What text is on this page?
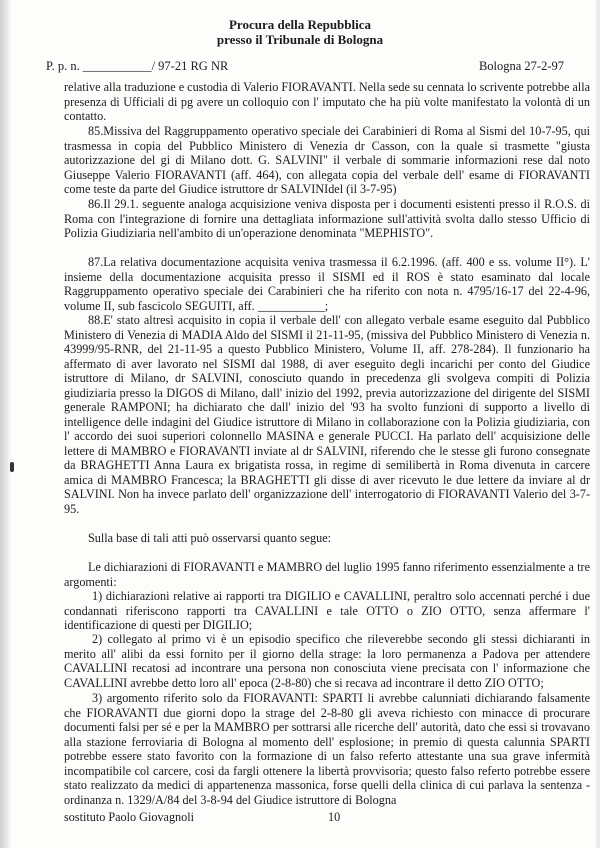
Procura della Repubblica
presso il Tribunale di Bologna
P. p. n. ___________/ 97-21 RG NR	Bologna 27-2-97

relative alla traduzione e custodia di Valerio FIORAVANTI. Nella sede su cennata lo scrivente potrebbe alla presenza di Ufficiali di pg avere un colloquio con l' imputato che ha più volte manifestato la volontà di un contatto.

85.Missiva del Raggruppamento operativo speciale dei Carabinieri di Roma al Sismi del 10-7-95, qui trasmessa in copia del Pubblico Ministero di Venezia dr Casson, con la quale si trasmette "giusta autorizzazione del gi di Milano dott. G. SALVINI" il verbale di sommarie informazioni rese dal noto Giuseppe Valerio FIORAVANTI (aff. 464), con allegata copia del verbale dell' esame di FIORAVANTI come teste da parte del Giudice istruttore dr SALVINIdel (il 3-7-95)

86.Il 29.1. seguente analoga acquisizione veniva disposta per i documenti esistenti presso il R.O.S. di Roma con l'integrazione di fornire una dettagliata informazione sull'attività svolta dallo stesso Ufficio di Polizia Giudiziaria nell'ambito di un'operazione denominata "MEPHISTO".

87.La relativa documentazione acquisita veniva trasmessa il 6.2.1996. (aff. 400 e ss. volume II°). L' insieme della documentazione acquisita presso il SISMI ed il ROS è stato esaminato dal locale Raggruppamento operativo speciale dei Carabinieri che ha riferito con nota n. 4795/16-17 del 22-4-96, volume II, sub fascicolo SEGUITI, aff. ___________;

88.E' stato altresì acquisito in copia il verbale dell' con allegato verbale esame eseguito dal Pubblico Ministero di Venezia di MADIA Aldo del SISMI il 21-11-95, (missiva del Pubblico Ministero di Venezia n. 43999/95-RNR, del 21-11-95 a questo Pubblico Ministero, Volume II, aff. 278-284). Il funzionario ha affermato di aver lavorato nel SISMI dal 1988, di aver eseguito degli incarichi per conto del Giudice istruttore di Milano, dr SALVINI, conosciuto quando in precedenza gli svolgeva compiti di Polizia giudiziaria presso la DIGOS di Milano, dall' inizio del 1992, previa autorizzazione del dirigente del SISMI generale RAMPONI; ha dichiarato che dall' inizio del '93 ha svolto funzioni di supporto a livello di intelligence delle indagini del Giudice istruttore di Milano in collaborazione con la Polizia giudiziaria, con l' accordo dei suoi superiori colonnello MASINA e generale PUCCI. Ha parlato dell' acquisizione delle lettere di MAMBRO e FIORAVANTI inviate al dr SALVINI, riferendo che le stesse gli furono consegnate da BRAGHETTI Anna Laura ex brigatista rossa, in regime di semilibertà in Roma divenuta in carcere amica di MAMBRO Francesca; la BRAGHETTI gli disse di aver ricevuto le due lettere da inviare al dr SALVINI. Non ha invece parlato dell' organizzazione dell' interrogatorio di FIORAVANTI Valerio del 3-7-95.

Sulla base di tali atti può osservarsi quanto segue:

Le dichiarazioni di FIORAVANTI e MAMBRO del luglio 1995 fanno riferimento essenzialmente a tre argomenti:

1) dichiarazioni relative ai rapporti tra DIGILIO e CAVALLINI, peraltro solo accennati perché i due condannati riferiscono rapporti tra CAVALLINI e tale OTTO o ZIO OTTO, senza affermare l' identificazione di questi per DIGILIO;

2) collegato al primo vi è un episodio specifico che rileverebbe secondo gli stessi dichiaranti in merito all' alibi da essi fornito per il giorno della strage: la loro permanenza a Padova per attendere CAVALLINI recatosi ad incontrare una persona non conosciuta viene precisata con l' informazione che CAVALLINI avrebbe detto loro all' epoca (2-8-80) che si recava ad incontrare il detto ZIO OTTO;

3) argomento riferito solo da FIORAVANTI: SPARTI li avrebbe calunniati dichiarando falsamente che FIORAVANTI due giorni dopo la strage del 2-8-80 gli aveva richiesto con minacce di procurare documenti falsi per sé e per la MAMBRO per sottrarsi alle ricerche dell' autorità, dato che essi si trovavano alla stazione ferroviaria di Bologna al momento dell' esplosione; in premio di questa calunnia SPARTI potrebbe essere stato favorito con la formazione di un falso referto attestante una sua grave infermità incompatibile col carcere, così da fargli ottenere la libertà provvisoria; questo falso referto potrebbe essere stato realizzato da medici di appartenenza massonica, forse quelli della clinica di cui parlava la sentenza - ordinanza n. 1329/A/84 del 3-8-94 del Giudice istruttore di Bologna

sostituto Paolo Giovagnoli	10
